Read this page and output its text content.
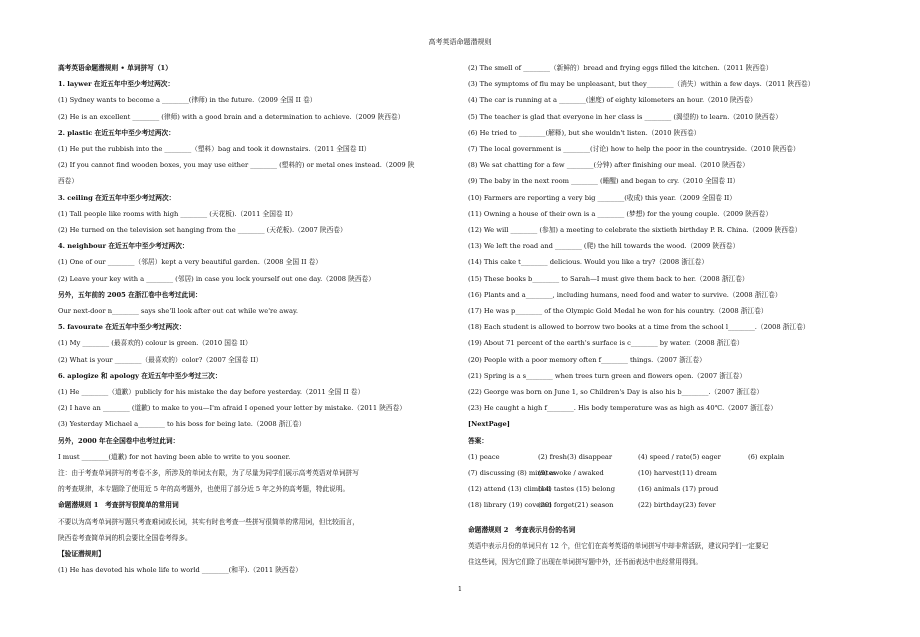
高考英语命题潜规则
高考英语命题潜规则 • 单词拼写（1）
1. laywer 在近五年中至少考过两次：
(1) Sydney wants to become a ________(律师) in the future.（2009 全国 II 卷）
(2) He is an excellent ________ (律师) with a good brain and a determination to achieve.（2009 陕西卷）
2. plastic 在近五年中至少考过两次：
(1) He put the rubbish into the ________（塑料）bag and took it downstairs.（2011 全国卷 II）
(2) If you cannot find wooden boxes, you may use either ________ (塑料的) or metal ones instead.（2009 陕
西卷）
3. ceiling 在近五年中至少考过两次：
(1) Tall people like rooms with high ________ (天花板).（2011 全国卷 II）
(2) He turned on the television set hanging from the ________ (天花板).（2007 陕西卷）
4. neighbour 在近五年中至少考过两次：
(1) One of our ________（邻居）kept a very beautiful garden.（2008 全国 II 卷）
(2) Leave your key with a ________ (邻居) in case you lock yourself out one day.（2008 陕西卷）
另外，五年前的 2005 在浙江卷中也考过此词：
Our next-door n________ says she'll look after out cat while we're away.
5. favourate 在近五年中至少考过两次：
(1) My ________ (最喜欢的) colour is green.（2010 国卷 II）
(2) What is your ________（最喜欢的）color?（2007 全国卷 II）
6. aplogize 和 apology 在近五年中至少考过三次：
(1) He ________（道歉）publicly for his mistake the day before yesterday.（2011 全国 II 卷）
(2) I have an ________ (道歉) to make to you—I'm afraid I opened your letter by mistake.（2011 陕西卷）
(3) Yesterday Michael a________ to his boss for being late.（2008 浙江卷）
另外，2000 年在全国卷中也考过此词：
I must ________(道歉) for not having been able to write to you sooner.
注：由于考查单词拼写的考卷不多，所涉及的单词太有限，为了尽量为同学们展示高考英语对单词拼写
的考查规律，本专题除了使用近 5 年的高考题外，也使用了部分近 5 年之外的高考题，特此说明。
命题潜规则 1　考查拼写很简单的常用词
不要以为高考单词拼写题只考查难词或长词，其实有时也考查一些拼写很简单的常用词，但比较而言，
陕西卷考查简单词的机会要比全国卷考得多。
【验证潜规则】
(1) He has devoted his whole life to world ________(和平).（2011 陕西卷）
(2) The smell of ________（新鲜的）bread and frying eggs filled the kitchen.（2011 陕西卷）
(3) The symptoms of flu may be unpleasant, but they________（消失）within a few days.（2011 陕西卷）
(4) The car is running at a ________(速度) of eighty kilometers an hour.（2010 陕西卷）
(5) The teacher is glad that everyone in her class is ________ (渴望的) to learn.（2010 陕西卷）
(6) He tried to ________(解释), but she wouldn't listen.（2010 陕西卷）
(7) The local government is ________(讨论) how to help the poor in the countryside.（2010 陕西卷）
(8) We sat chatting for a few ________(分钟) after finishing our meal.（2010 陕西卷）
(9) The baby in the next room ________ (睡醒) and began to cry.（2010 全国卷 II）
(10) Farmers are reporting a very big ________(收成) this year.（2009 全国卷 II）
(11) Owning a house of their own is a ________ (梦想) for the young couple.（2009 陕西卷）
(12) We will ________ (参加) a meeting to celebrate the sixtieth birthday P. R. China.（2009 陕西卷）
(13) We left the road and ________ (爬) the hill towards the wood.（2009 陕西卷）
(14) This cake t________ delicious. Would you like a try?（2008 浙江卷）
(15) These books b________ to Sarah—I must give them back to her.（2008 浙江卷）
(16) Plants and a________, including humans, need food and water to survive.（2008 浙江卷）
(17) He was p________ of the Olympic Gold Medal he won for his country.（2008 浙江卷）
(18) Each student is allowed to borrow two books at a time from the school l________.（2008 浙江卷）
(19) About 71 percent of the earth's surface is c________ by water.（2008 浙江卷）
(20) People with a poor memory often f________ things.（2007 浙江卷）
(21) Spring is a s________ when trees turn green and flowers open.（2007 浙江卷）
(22) George was born on June 1, so Children's Day is also his b________.（2007 浙江卷）
(23) He caught a high f________. His body temperature was as high as 40℃.（2007 浙江卷）
[NextPage]
答案：
(1) peace	(2) fresh(3) disappear	(4) speed / rate(5) eager	(6) explain
(7) discussing (8) minutes
(9) awoke / awaked	(10) harvest(11) dream
(12) attend (13) climbed
(14) tastes (15) belong	(16) animals (17) proud
(18) library (19) covered
(20) forget(21) season	(22) birthday(23) fever
命题潜规则 2　考查表示月份的名词
英语中表示月份的单词只有 12 个，但它们在高考英语的单词拼写中却非常活跃，建议同学们一定要记
住这些词，因为它们除了出现在单词拼写题中外，还书面表达中也经常用得到。
1
